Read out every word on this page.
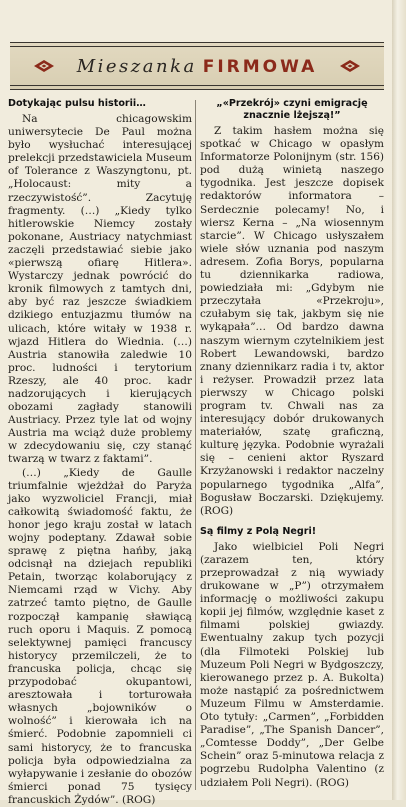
Mieszanka FIRMOWA
Dotykając pulsu historii…

Na chicagowskim uniwersytecie De Paul można było wysłuchać interesującej prelekcji przedstawiciela Museum of Tolerance z Waszyngtonu, pt. „Holocaust: mity a rzeczywistość”. Zacytuję fragmenty. (…) „Kiedy tylko hitlerowskie Niemcy zostały pokonane, Austriacy natychmiast zaczęli przedstawiać siebie jako «pierwszą ofiarę Hitlera». Wystarczy jednak powrócić do kronik filmowych z tamtych dni, aby być raz jeszcze świadkiem dzikiego entuzjazmu tłumów na ulicach, które witały w 1938 r. wjazd Hitlera do Wiednia. (…) Austria stanowiła zaledwie 10 proc. ludności i terytorium Rzeszy, ale 40 proc. kadr nadzorujących i kierujących obozami zagłady stanowili Austriacy. Przez tyle lat od wojny Austria ma wciąż duże problemy w zdecydowaniu się, czy stanąć twarzą w twarz z faktami”.

(…) „Kiedy de Gaulle triumfalnie wjeżdżał do Paryża jako wyzwoliciel Francji, miał całkowitą świadomość faktu, że honor jego kraju został w latach wojny podeptany. Zdawał sobie sprawę z piętna hańby, jaką odcisnął na dziejach republiki Petain, tworząc kolaborujący z Niemcami rząd w Vichy. Aby zatrzeć tamto piętno, de Gaulle rozpoczął kampanię sławiącą ruch oporu i Maquis. Z pomocą selektywnej pamięci francuscy historycy przemilczeli, że to francuska policja, chcąc się przypodobać okupantowi, aresztowała i torturowała własnych „bojowników o wolność” i kierowała ich na śmierć. Podobnie zapomnieli ci sami historycy, że to francuska policja była odpowiedzialna za wyłapywanie i zesłanie do obozów śmierci ponad 75 tysięcy francuskich Żydów”. (ROG)

„«Przekrój» czyni emigrację znacznie lżejszą!”

Z takim hasłem można się spotkać w Chicago w opasłym Informatorze Polonijnym (str. 156) pod dużą winietą naszego tygodnika. Jest jeszcze dopisek redaktorów informatora – Serdecznie polecamy! No, i wiersz Kerna – „Na wiosennym starcie”. W Chicago usłyszałem wiele słów uznania pod naszym adresem. Zofia Borys, popularna tu dziennikarka radiowa, powiedziała mi: „Gdybym nie przeczytała «Przekroju», czułabym się tak, jakbym się nie wykąpała”… Od bardzo dawna naszym wiernym czytelnikiem jest Robert Lewandowski, bardzo znany dziennikarz radia i tv, aktor i reżyser. Prowadził przez lata pierwszy w Chicago polski program tv. Chwali nas za interesujący dobór drukowanych materiałów, szatę graficzną, kulturę języka. Podobnie wyrażali się – cenieni aktor Ryszard Krzyżanowski i redaktor naczelny popularnego tygodnika „Alfa”, Bogusław Boczarski. Dziękujemy. (ROG)

Są filmy z Polą Negri!

Jako wielbiciel Poli Negri (zarazem ten, który przeprowadzał z nią wywiady drukowane w „P”) otrzymałem informację o możliwości zakupu kopii jej filmów, względnie kaset z filmami polskiej gwiazdy. Ewentualny zakup tych pozycji (dla Filmoteki Polskiej lub Muzeum Poli Negri w Bydgoszczy, kierowanego przez p. A. Bukolta) może nastąpić za pośrednictwem Muzeum Filmu w Amsterdamie. Oto tytuły: „Carmen”, „Forbidden Paradise”, „The Spanish Dancer”, „Comtesse Doddy”, „Der Gelbe Schein” oraz 5-minutowa relacja z pogrzebu Rudolpha Valentino (z udziałem Poli Negri). (ROG)
